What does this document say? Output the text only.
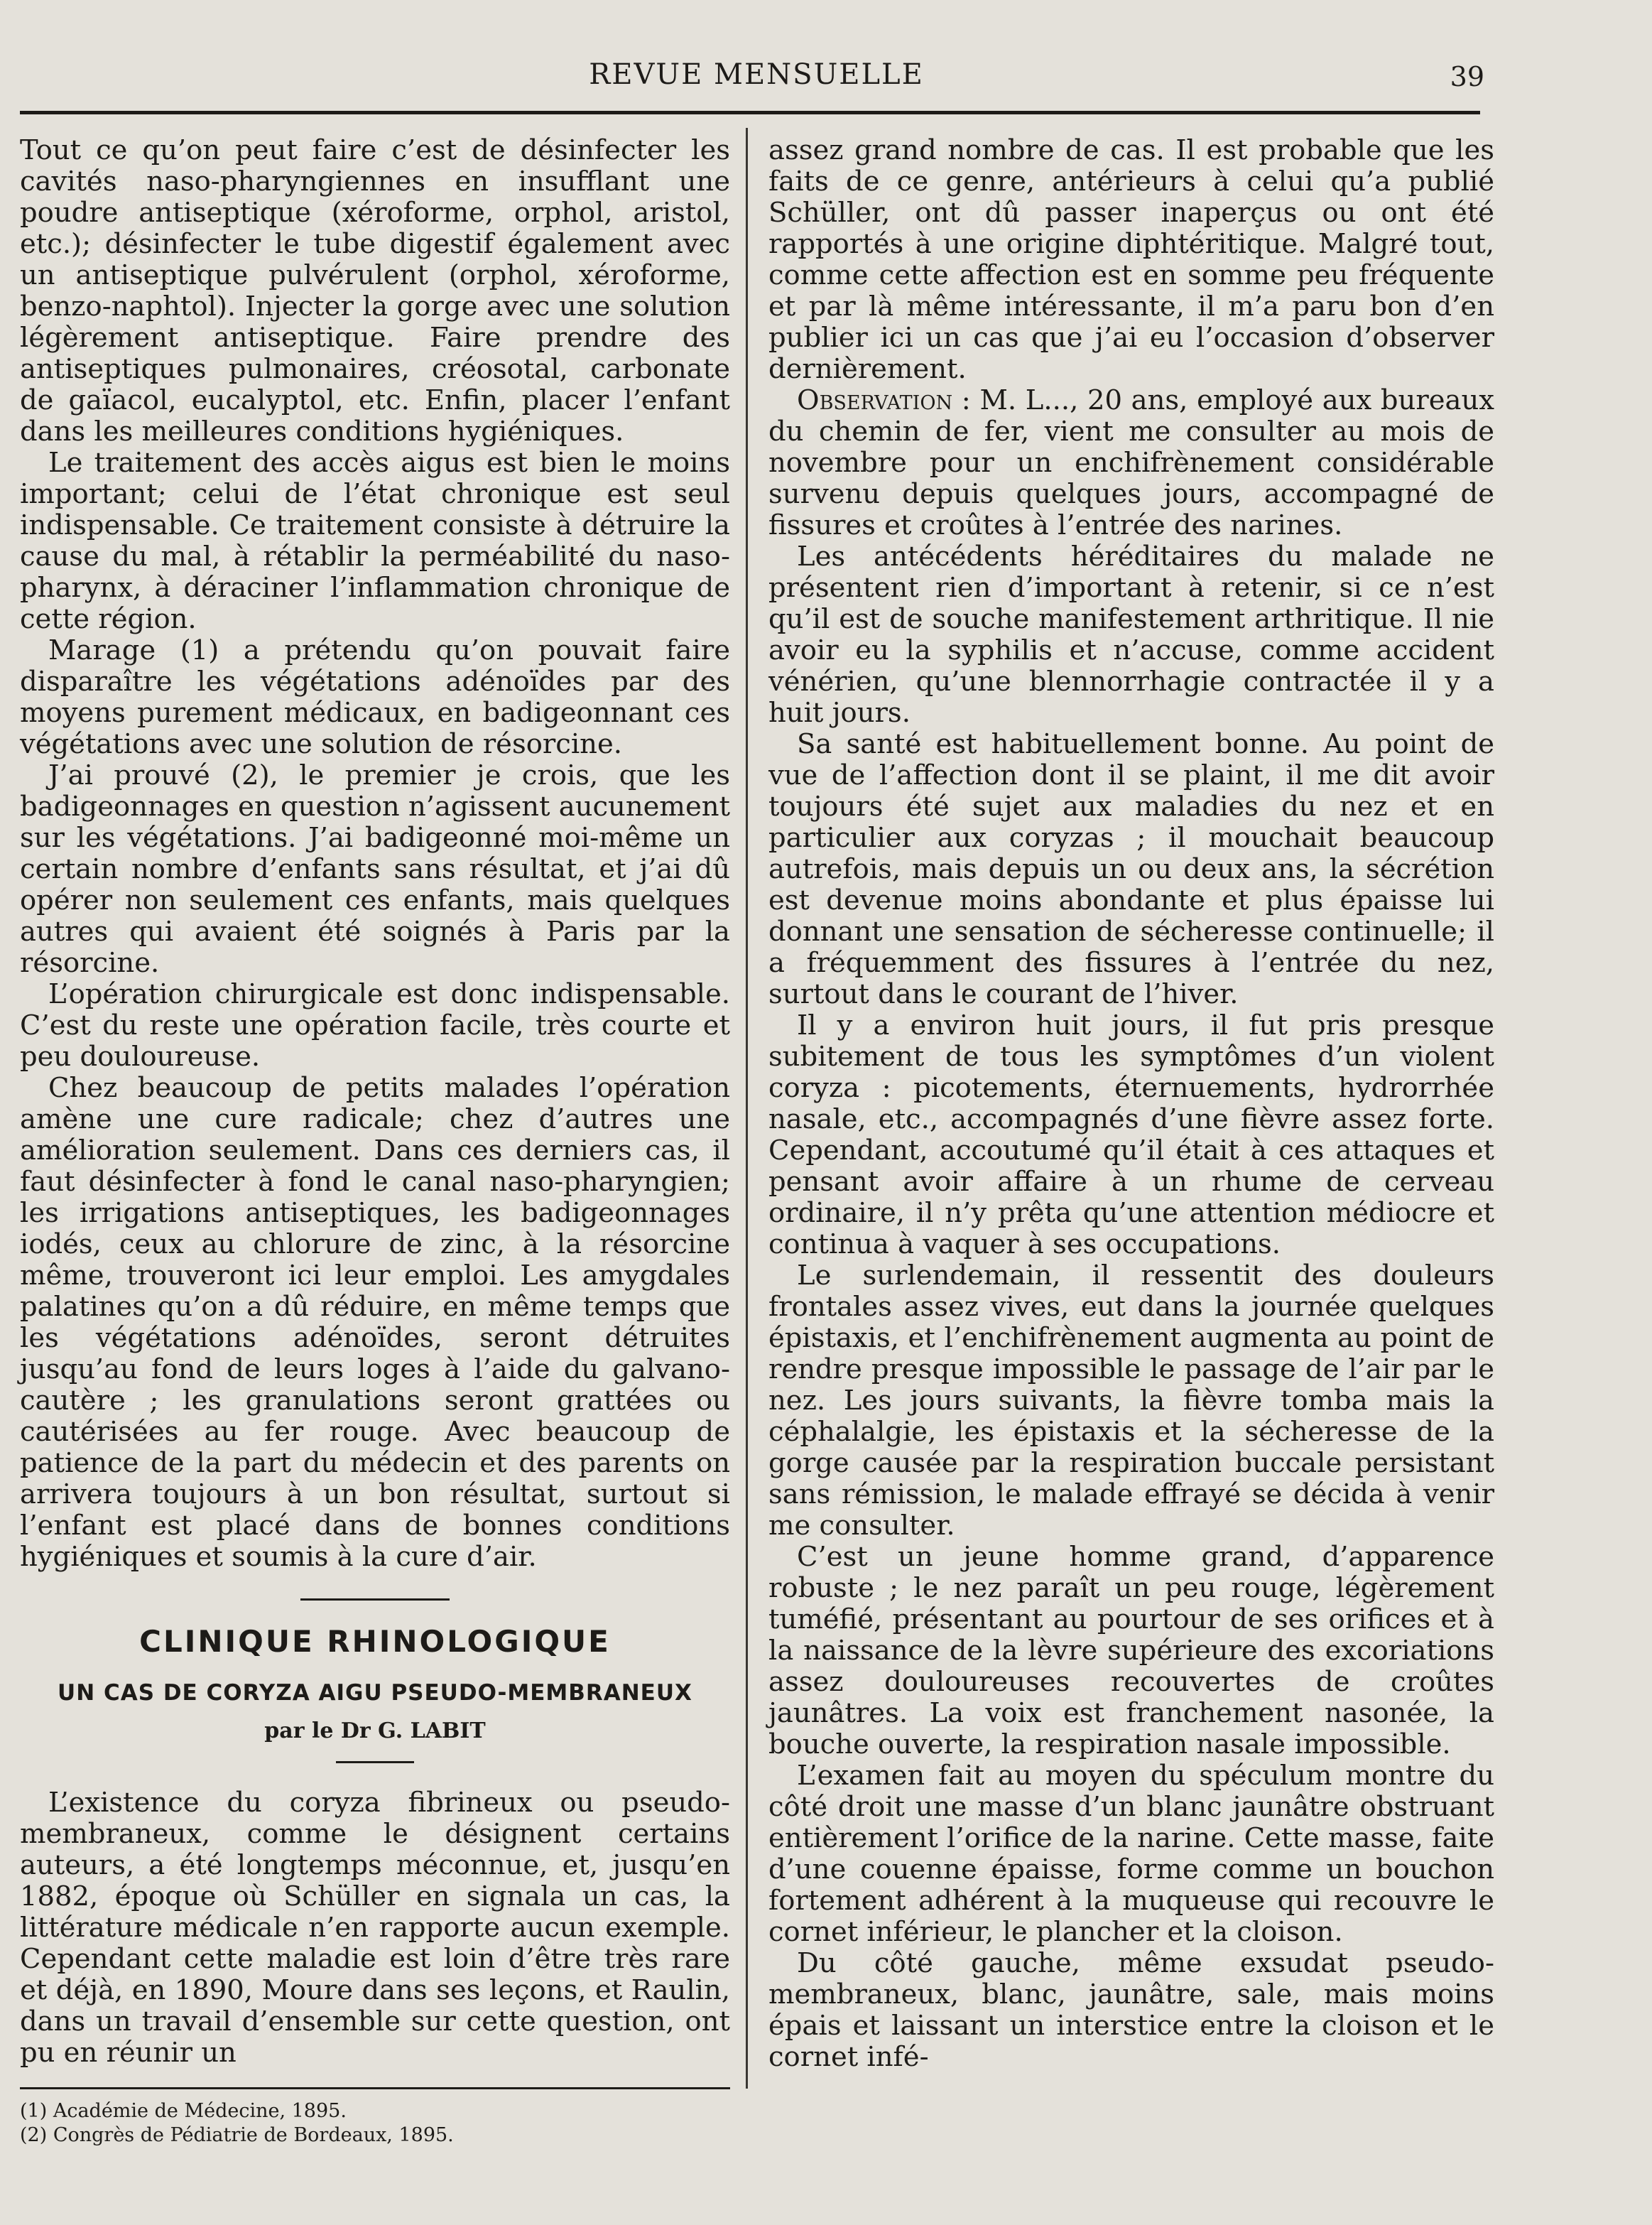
REVUE MENSUELLE	39

Tout ce qu’on peut faire c’est de désinfecter les cavités naso-pharyngiennes en insufflant une poudre antiseptique (xéroforme, orphol, aristol, etc.); désinfecter le tube digestif également avec un antiseptique pulvérulent (orphol, xéroforme, benzo-naphtol). Injecter la gorge avec une solution légèrement antiseptique. Faire prendre des antiseptiques pulmonaires, créosotal, carbonate de gaïacol, eucalyptol, etc. Enfin, placer l’enfant dans les meilleures conditions hygiéniques.

Le traitement des accès aigus est bien le moins important; celui de l’état chronique est seul indispensable. Ce traitement consiste à détruire la cause du mal, à rétablir la perméabilité du naso-pharynx, à déraciner l’inflammation chronique de cette région.

Marage (1) a prétendu qu’on pouvait faire disparaître les végétations adénoïdes par des moyens purement médicaux, en badigeonnant ces végétations avec une solution de résorcine.

J’ai prouvé (2), le premier je crois, que les badigeonnages en question n’agissent aucunement sur les végétations. J’ai badigeonné moi-même un certain nombre d’enfants sans résultat, et j’ai dû opérer non seulement ces enfants, mais quelques autres qui avaient été soignés à Paris par la résorcine.

L’opération chirurgicale est donc indispensable. C’est du reste une opération facile, très courte et peu douloureuse.

Chez beaucoup de petits malades l’opération amène une cure radicale; chez d’autres une amélioration seulement. Dans ces derniers cas, il faut désinfecter à fond le canal naso-pharyngien; les irrigations antiseptiques, les badigeonnages iodés, ceux au chlorure de zinc, à la résorcine même, trouveront ici leur emploi. Les amygdales palatines qu’on a dû réduire, en même temps que les végétations adénoïdes, seront détruites jusqu’au fond de leurs loges à l’aide du galvano-cautère ; les granulations seront grattées ou cautérisées au fer rouge. Avec beaucoup de patience de la part du médecin et des parents on arrivera toujours à un bon résultat, surtout si l’enfant est placé dans de bonnes conditions hygiéniques et soumis à la cure d’air.

CLINIQUE RHINOLOGIQUE
UN CAS DE CORYZA AIGU PSEUDO-MEMBRANEUX
par le Dr G. LABIT

L’existence du coryza fibrineux ou pseudo-membraneux, comme le désignent certains auteurs, a été longtemps méconnue, et, jusqu’en 1882, époque où Schüller en signala un cas, la littérature médicale n’en rapporte aucun exemple. Cependant cette maladie est loin d’être très rare et déjà, en 1890, Moure dans ses leçons, et Raulin, dans un travail d’ensemble sur cette question, ont pu en réunir un

(1) Académie de Médecine, 1895.

(2) Congrès de Pédiatrie de Bordeaux, 1895.

assez grand nombre de cas. Il est probable que les faits de ce genre, antérieurs à celui qu’a publié Schüller, ont dû passer inaperçus ou ont été rapportés à une origine diphtéritique. Malgré tout, comme cette affection est en somme peu fréquente et par là même intéressante, il m’a paru bon d’en publier ici un cas que j’ai eu l’occasion d’observer dernièrement.

Observation : M. L..., 20 ans, employé aux bureaux du chemin de fer, vient me consulter au mois de novembre pour un enchifrènement considérable survenu depuis quelques jours, accompagné de fissures et croûtes à l’entrée des narines.

Les antécédents héréditaires du malade ne présentent rien d’important à retenir, si ce n’est qu’il est de souche manifestement arthritique. Il nie avoir eu la syphilis et n’accuse, comme accident vénérien, qu’une blennorrhagie contractée il y a huit jours.

Sa santé est habituellement bonne. Au point de vue de l’affection dont il se plaint, il me dit avoir toujours été sujet aux maladies du nez et en particulier aux coryzas ; il mouchait beaucoup autrefois, mais depuis un ou deux ans, la sécrétion est devenue moins abondante et plus épaisse lui donnant une sensation de sécheresse continuelle; il a fréquemment des fissures à l’entrée du nez, surtout dans le courant de l’hiver.

Il y a environ huit jours, il fut pris presque subitement de tous les symptômes d’un violent coryza : picotements, éternuements, hydrorrhée nasale, etc., accompagnés d’une fièvre assez forte. Cependant, accoutumé qu’il était à ces attaques et pensant avoir affaire à un rhume de cerveau ordinaire, il n’y prêta qu’une attention médiocre et continua à vaquer à ses occupations.

Le surlendemain, il ressentit des douleurs frontales assez vives, eut dans la journée quelques épistaxis, et l’enchifrènement augmenta au point de rendre presque impossible le passage de l’air par le nez. Les jours suivants, la fièvre tomba mais la céphalalgie, les épistaxis et la sécheresse de la gorge causée par la respiration buccale persistant sans rémission, le malade effrayé se décida à venir me consulter.

C’est un jeune homme grand, d’apparence robuste ; le nez paraît un peu rouge, légèrement tuméfié, présentant au pourtour de ses orifices et à la naissance de la lèvre supérieure des excoriations assez douloureuses recouvertes de croûtes jaunâtres. La voix est franchement nasonée, la bouche ouverte, la respiration nasale impossible.

L’examen fait au moyen du spéculum montre du côté droit une masse d’un blanc jaunâtre obstruant entièrement l’orifice de la narine. Cette masse, faite d’une couenne épaisse, forme comme un bouchon fortement adhérent à la muqueuse qui recouvre le cornet inférieur, le plancher et la cloison.

Du côté gauche, même exsudat pseudo-membraneux, blanc, jaunâtre, sale, mais moins épais et laissant un interstice entre la cloison et le cornet infé-
